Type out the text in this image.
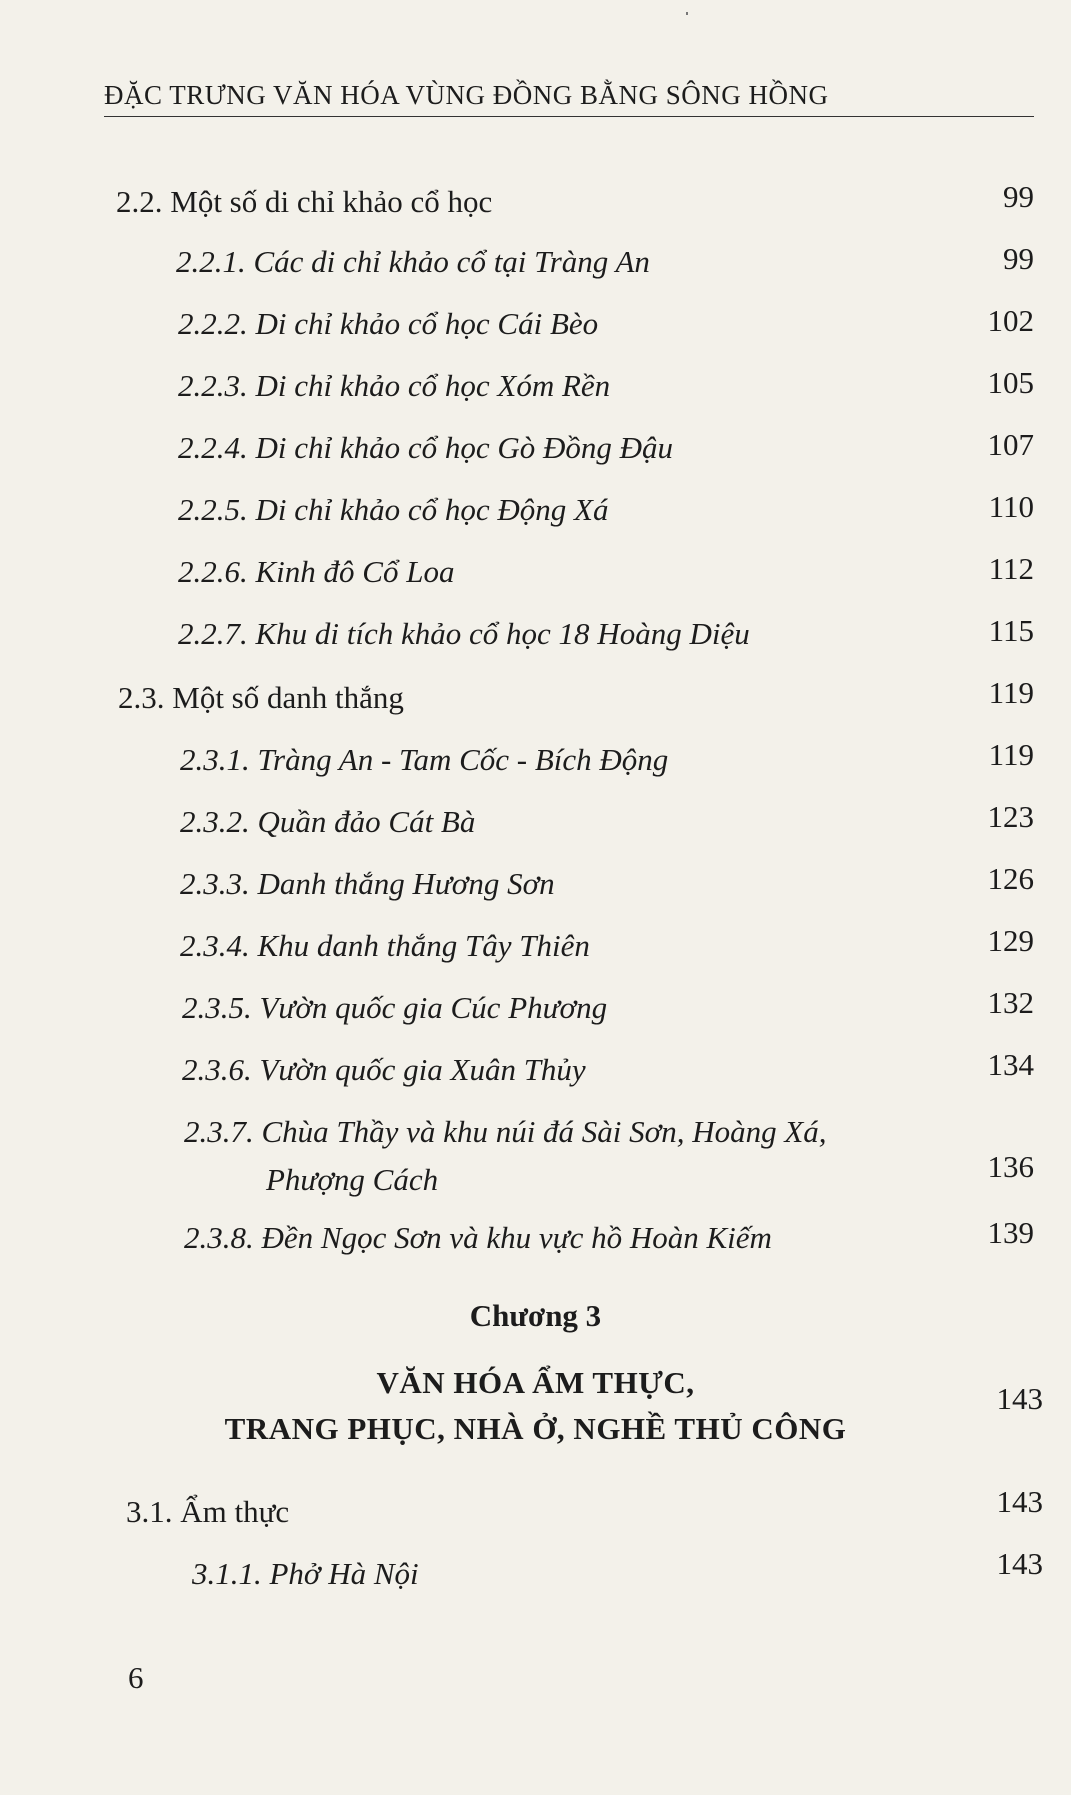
ĐẶC TRƯNG VĂN HÓA VÙNG ĐỒNG BẰNG SÔNG HỒNG
2.2. Một số di chỉ khảo cổ học	99
2.2.1. Các di chỉ khảo cổ tại Tràng An	99
2.2.2. Di chỉ khảo cổ học Cái Bèo	102
2.2.3. Di chỉ khảo cổ học Xóm Rền	105
2.2.4. Di chỉ khảo cổ học Gò Đồng Đậu	107
2.2.5. Di chỉ khảo cổ học Động Xá	110
2.2.6. Kinh đô Cổ Loa	112
2.2.7. Khu di tích khảo cổ học 18 Hoàng Diệu	115
2.3. Một số danh thắng	119
2.3.1. Tràng An - Tam Cốc - Bích Động	119
2.3.2. Quần đảo Cát Bà	123
2.3.3. Danh thắng Hương Sơn	126
2.3.4. Khu danh thắng Tây Thiên	129
2.3.5. Vườn quốc gia Cúc Phương	132
2.3.6. Vườn quốc gia Xuân Thủy	134
2.3.7. Chùa Thầy và khu núi đá Sài Sơn, Hoàng Xá,
Phượng Cách	136
2.3.8. Đền Ngọc Sơn và khu vực hồ Hoàn Kiếm	139
Chương 3
VĂN HÓA ẨM THỰC,
TRANG PHỤC, NHÀ Ở, NGHỀ THỦ CÔNG
143
3.1. Ẩm thực	143
3.1.1. Phở Hà Nội	143
6
